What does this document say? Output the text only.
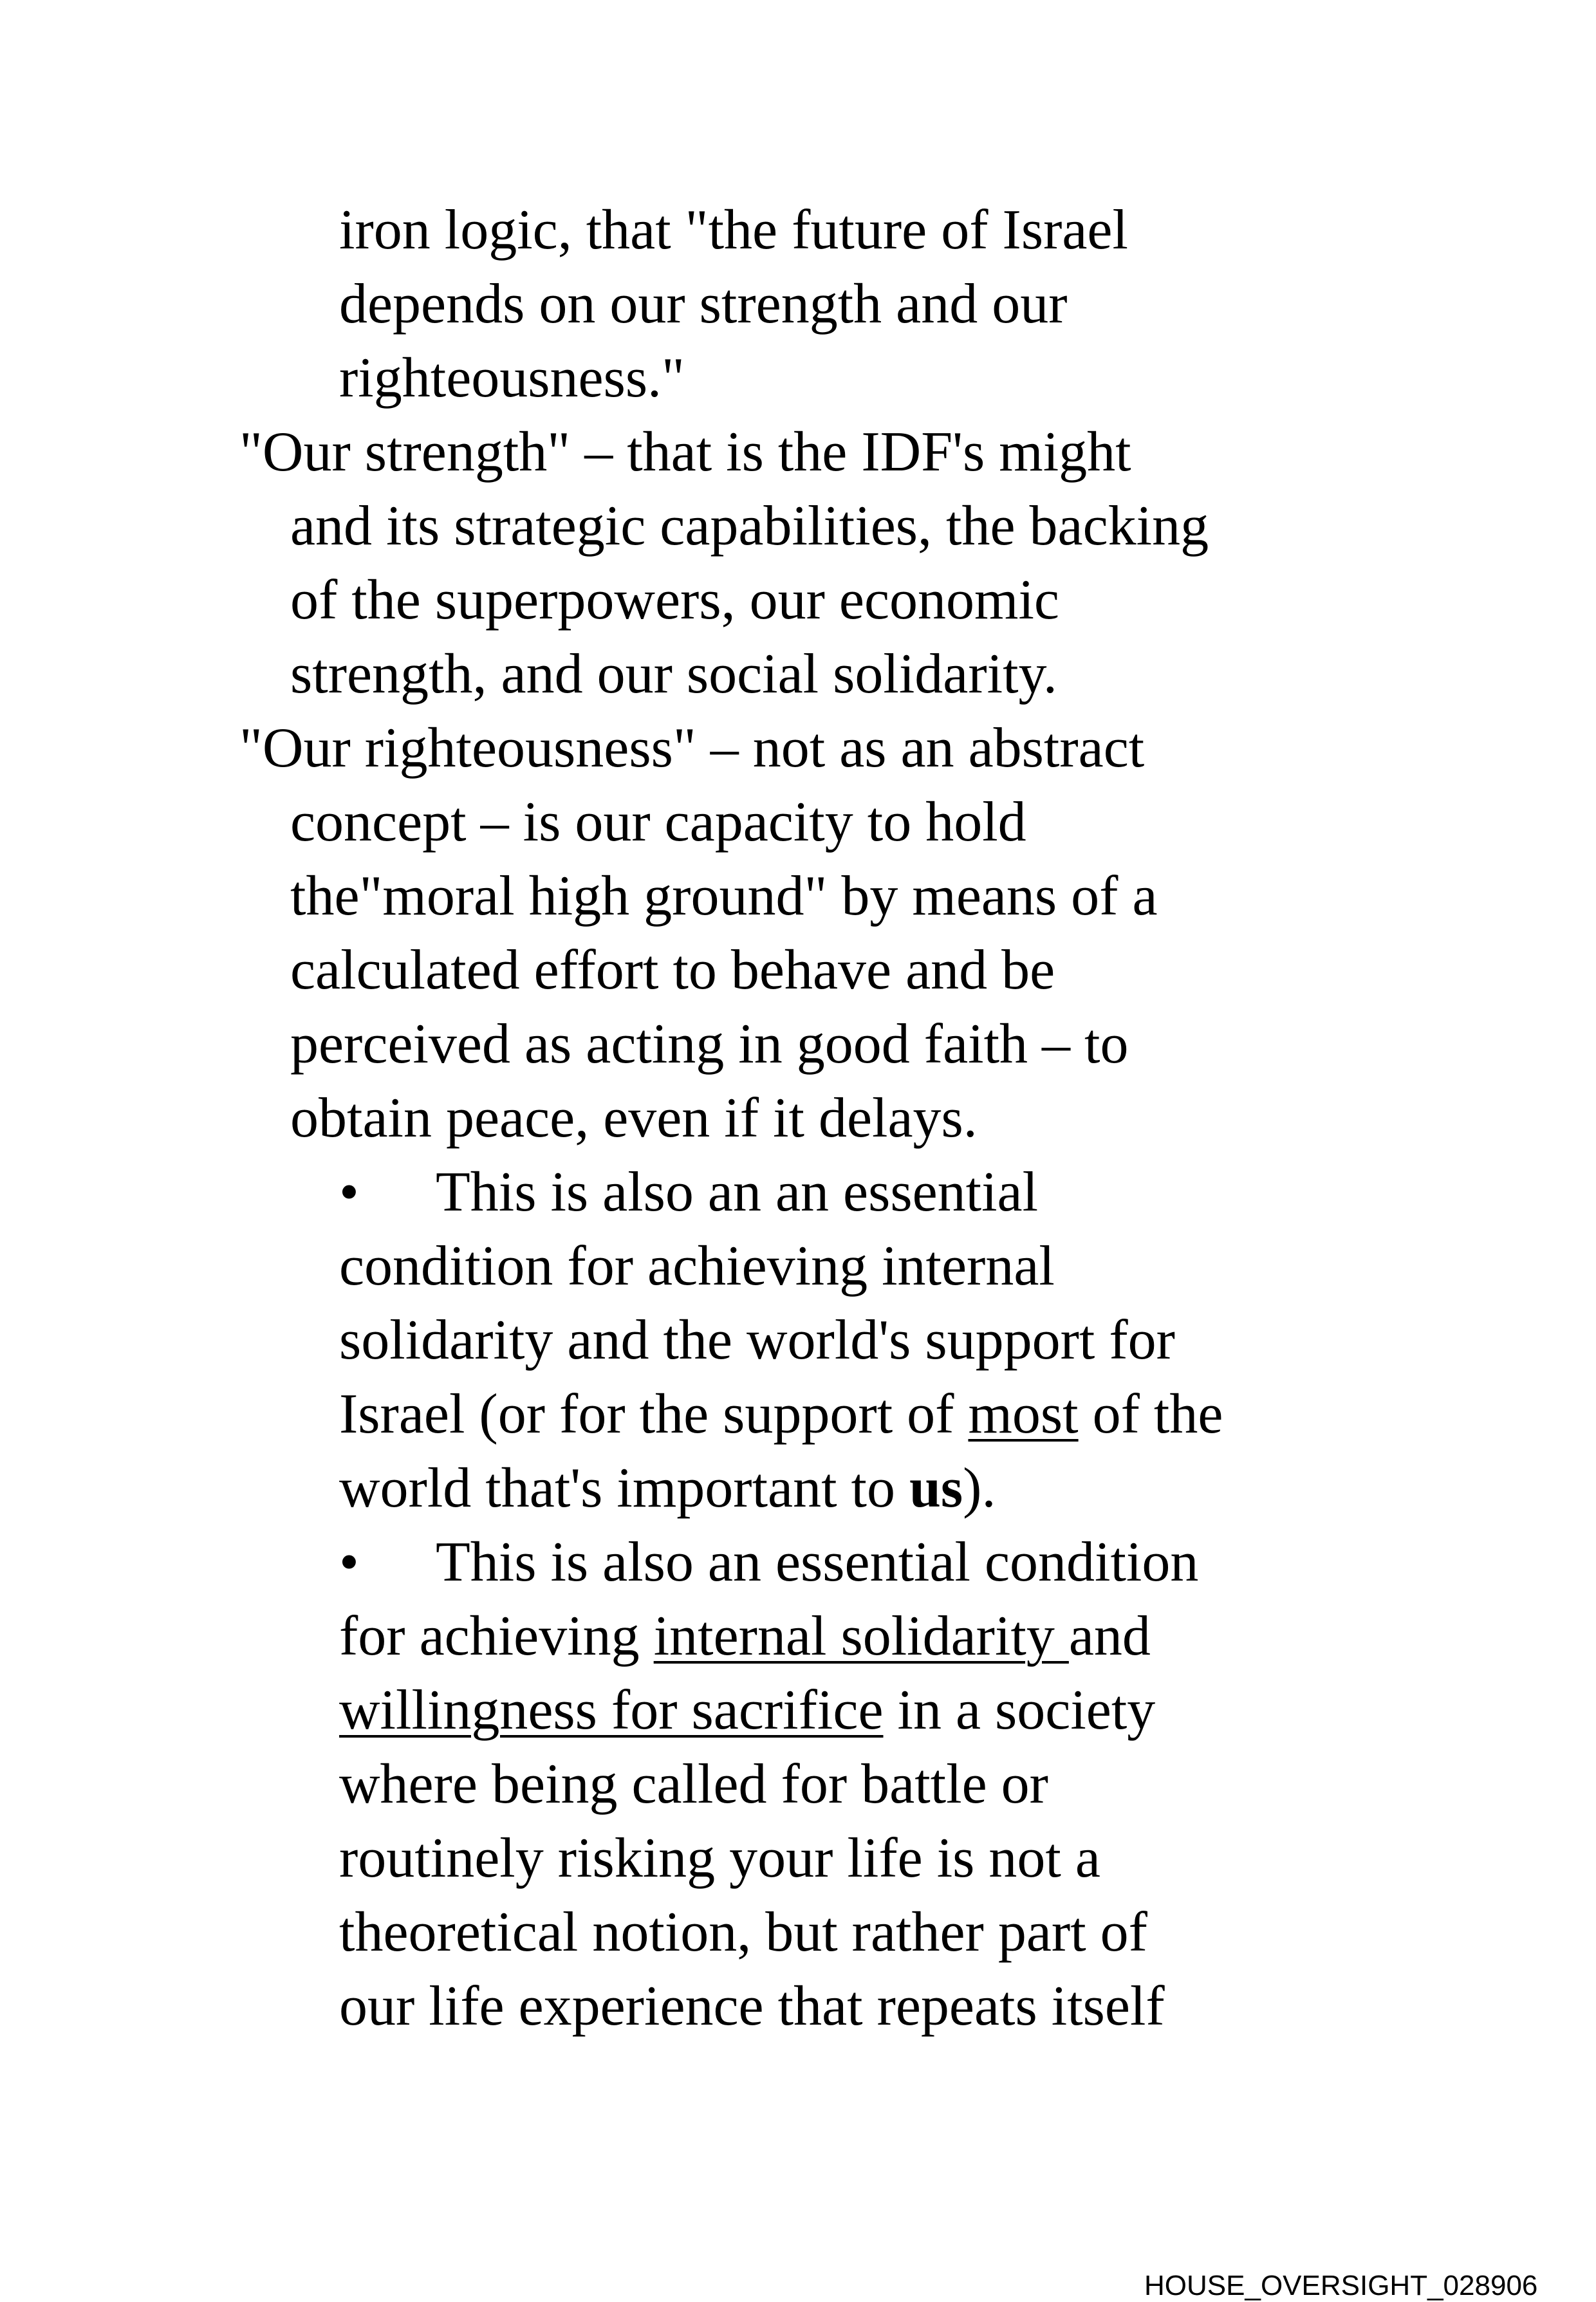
iron logic, that "the future of Israel
depends on our strength and our
righteousness."
"Our strength" – that is the IDF's might
and its strategic capabilities, the backing
of the superpowers, our economic
strength, and our social solidarity.
"Our righteousness" – not as an abstract
concept – is our capacity to hold
the"moral high ground" by means of a
calculated effort to behave and be
perceived as acting in good faith – to
obtain peace, even if it delays.
• This is also an an essential
condition for achieving internal
solidarity and the world's support for
Israel (or for the support of most of the
world that's important to us).
• This is also an essential condition
for achieving internal solidarity and
willingness for sacrifice in a society
where being called for battle or
routinely risking your life is not a
theoretical notion, but rather part of
our life experience that repeats itself
HOUSE_OVERSIGHT_028906
